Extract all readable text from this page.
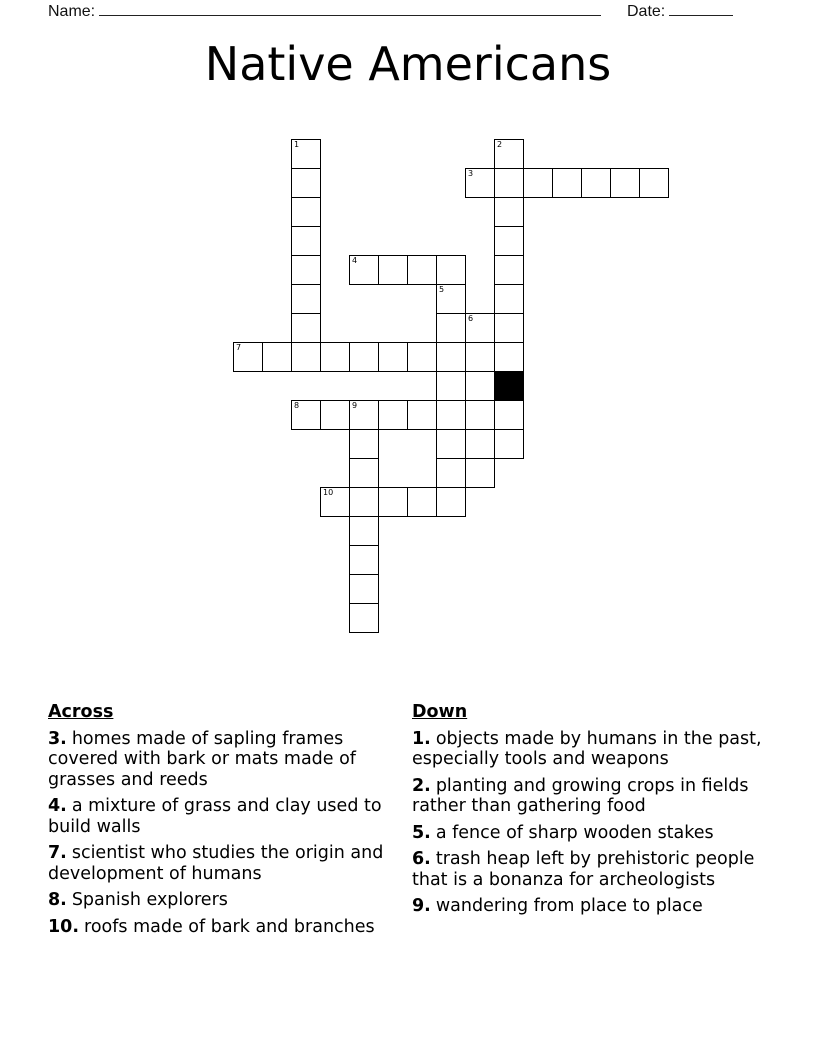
Name:	Date:
Native Americans
1	2
3
4
5
6
7
8	9
10
Across
3. homes made of sapling frames covered with bark or mats made of grasses and reeds
4. a mixture of grass and clay used to build walls
7. scientist who studies the origin and development of humans
8. Spanish explorers
10. roofs made of bark and branches
Down
1. objects made by humans in the past, especially tools and weapons
2. planting and growing crops in fields rather than gathering food
5. a fence of sharp wooden stakes
6. trash heap left by prehistoric people that is a bonanza for archeologists
9. wandering from place to place
